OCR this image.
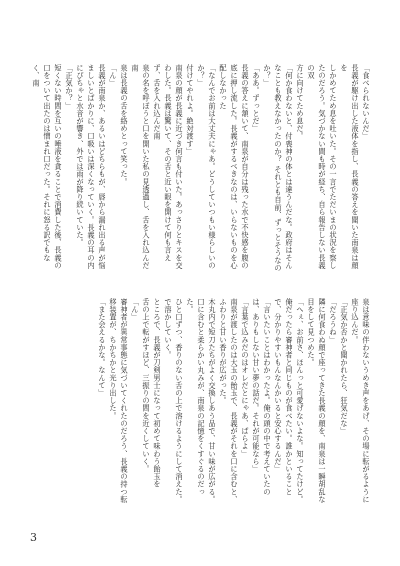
「食べられないんだ」

長義が駆け出した液体を指し、長義の答えを聞いた南泉は顔を

しかめてため息を吐いた。その一言でただいまの状況を察したのだろう。気づかない間も時が経ち、自ら報告しない長義の双

方に向けてため息だ。

「何か食わないと、付喪神の体とは違うんだな。政府はそんなことも教えなかったのか？ それとも自前、ずっとそうなのか？」

「ああ。ずっとだ」

長義の答えに頷いて、南泉が自分は残った水で不快感を腹の底に押し流した。長義がするべきなのは、いらないものを心配しなかった

「なんでお前は大丈夫にゃあ。どうしていつもい様らしいのか？」

付けてやれよ。絶対渡す」

南泉の顔が長義に近づき何言も付いた。あっさりとキスを交わした。長義は驚いて、その舌と近い眼を開けて何も言えず、舌を入れ込んだ南

泉の名を呼ぼうと口を開いた私の見透過し、舌を入れ込んだ南

泉は長義の舌を絡めとって笑った。

「ん」

長義が南泉か、あるいはどちらもが、唇から漏れ出る声が悩ましいとばかりに、口吸いは深くなっていく。長義の耳の内にぴちゃと水音が響き、外では雨が降り続いていた。

「正気か？」

短くない時間を互いの唾液を貪ることで消費した後、長義の口をついて出たのは憎まれ口だった。それに怒る訳でもなく、南

泉は意味の伴わないうめき声をあげ、その場に転がるように座り込んだ。

「正気か否かと聞かれたら、狂気だな」

「だろうね」

隣に何食わぬ顔で座ってきた長義の顔を、南泉は一瞬胡乱な目をして見つめた。

「へぇ、お前さ、ほんっと可愛げないよな。知ってたけど。俺だったら審神者と同じものが食べたい。誰かといることで、分かりやすいもんなんかいると安心するんだ」

「言いたいことはわかったよ。俺の頭の中で考えていたのは、ありもしない甘い夢の話だ。それが可能なら」

「言葉で込みだのはオレだとにゃあ、ぱらよ」

南泉が渡したのは大玉の飴玉で、長義がそれを口に含むと、ふわりと甘い香りが広がった。

木丸内で短刀たちがよく交換しあう品で、甘い味が広がる。口に含むと柔らかい丸みが、南泉の記憶をくすぐるのだった。

ひと口ずつ、香りのない舌の上で溶けるようにして消えた。

で溶かしていく。

ところで、長義が刀剣男士になって初めて味わう飴玉を

舌の上で転がすほど、三振りの間を近くしていく。

「ん」

審神者が異常事態に気づいてくれたのだろう、長義の持つ転移装置が、ちかちかと光り出した。

「また会えるかな。なんて」

3
